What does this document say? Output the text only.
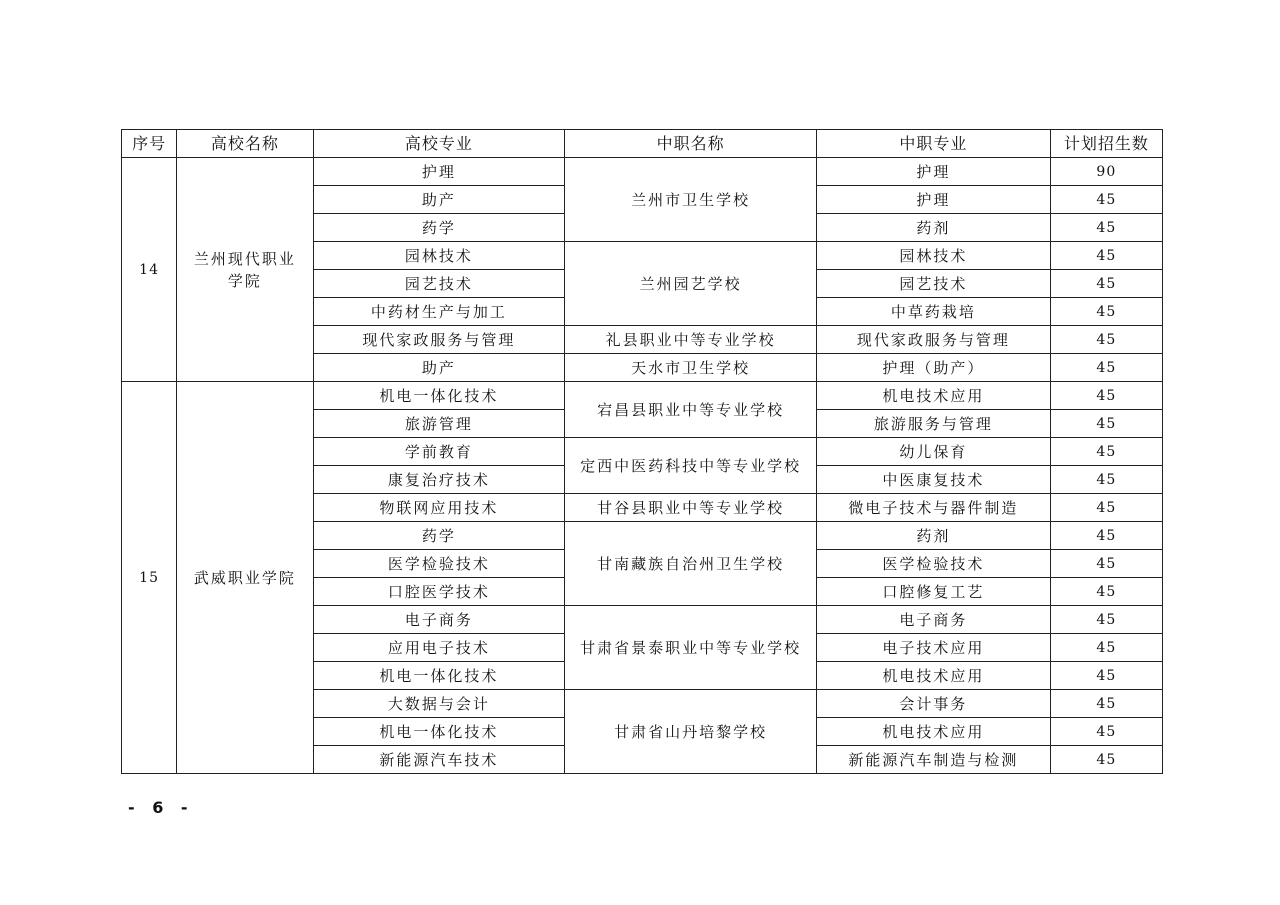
序号	高校名称	高校专业	中职名称	中职专业	计划招生数
14	兰州现代职业学院	护理	兰州市卫生学校	护理	90
		助产		护理	45
		药学		药剂	45
		园林技术	兰州园艺学校	园林技术	45
		园艺技术		园艺技术	45
		中药材生产与加工		中草药栽培	45
		现代家政服务与管理	礼县职业中等专业学校	现代家政服务与管理	45
		助产	天水市卫生学校	护理（助产）	45
15	武威职业学院	机电一体化技术	宕昌县职业中等专业学校	机电技术应用	45
		旅游管理		旅游服务与管理	45
		学前教育	定西中医药科技中等专业学校	幼儿保育	45
		康复治疗技术		中医康复技术	45
		物联网应用技术	甘谷县职业中等专业学校	微电子技术与器件制造	45
		药学	甘南藏族自治州卫生学校	药剂	45
		医学检验技术		医学检验技术	45
		口腔医学技术		口腔修复工艺	45
		电子商务	甘肃省景泰职业中等专业学校	电子商务	45
		应用电子技术		电子技术应用	45
		机电一体化技术		机电技术应用	45
		大数据与会计	甘肃省山丹培黎学校	会计事务	45
		机电一体化技术		机电技术应用	45
		新能源汽车技术		新能源汽车制造与检测	45
- 6 -
